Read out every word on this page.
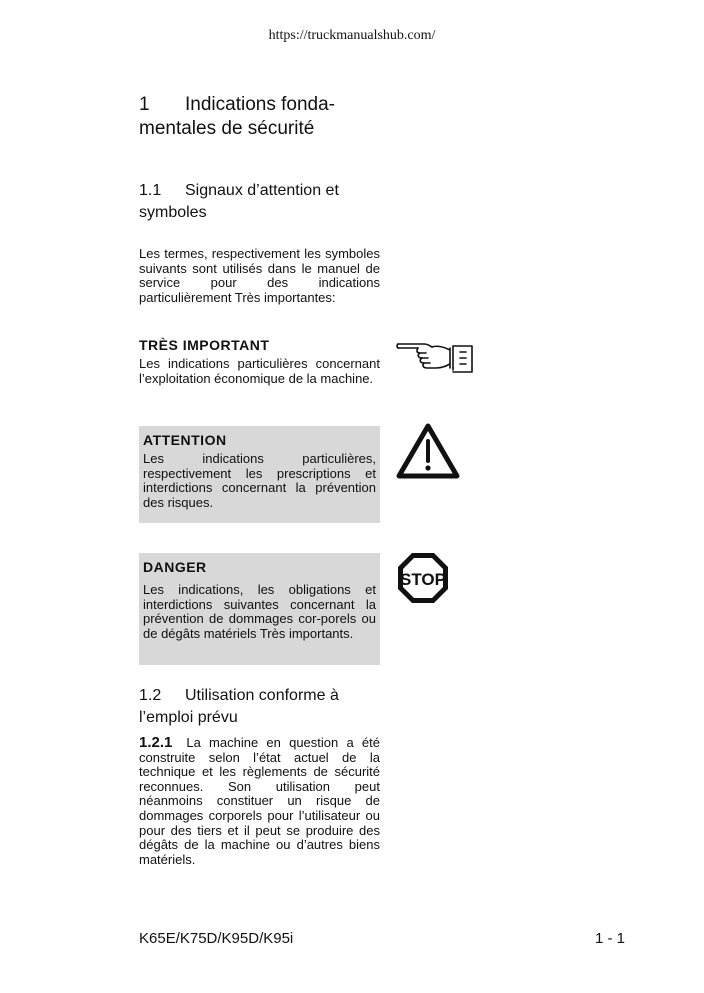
https://truckmanualshub.com/
1 Indications fonda-
mentales de sécurité
1.1 Signaux d’attention et
symboles

Les termes, respectivement les symboles suivants sont utilisés dans le manuel de service pour des indications particulièrement Très importantes:

TRÈS IMPORTANT

Les indications particulières concernant l’exploitation économique de la machine.

ATTENTION

Les indications particulières, respectivement les prescriptions et interdictions concernant la prévention des risques.

DANGER

Les indications, les obligations et interdictions suivantes concernant la prévention de dommages cor-porels ou de dégâts matériels Très importants.

STOP
1.2 Utilisation conforme à
l’emploi prévu

1.2.1 La machine en question a été construite selon l’état actuel de la technique et les règlements de sécurité reconnues. Son utilisation peut néanmoins constituer un risque de dommages corporels pour l’utilisateur ou pour des tiers et il peut se produire des dégâts de la machine ou d’autres biens matériels.

K65E/K75D/K95D/K95i	1 - 1
